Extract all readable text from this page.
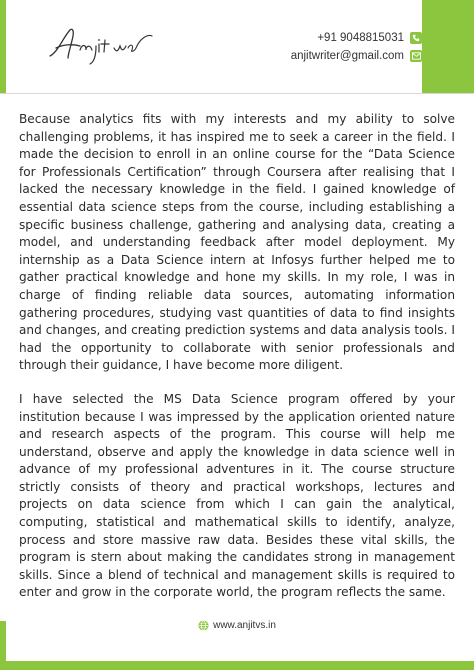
+91 9048815031
anjitwriter@gmail.com

Because analytics fits with my interests and my ability to solve challenging problems, it has inspired me to seek a career in the field. I made the decision to enroll in an online course for the “Data Science for Professionals Certification” through Coursera after realising that I lacked the necessary knowledge in the field. I gained knowledge of essential data science steps from the course, including establishing a specific business challenge, gathering and analysing data, creating a model, and understanding feedback after model deployment. My internship as a Data Science intern at Infosys further helped me to gather practical knowledge and hone my skills. In my role, I was in charge of finding reliable data sources, automating information gathering procedures, studying vast quantities of data to find insights and changes, and creating prediction systems and data analysis tools. I had the opportunity to collaborate with senior professionals and through their guidance, I have become more diligent.

I have selected the MS Data Science program offered by your institution because I was impressed by the application oriented nature and research aspects of the program. This course will help me understand, observe and apply the knowledge in data science well in advance of my professional adventures in it. The course structure strictly consists of theory and practical workshops, lectures and projects on data science from which I can gain the analytical, computing, statistical and mathematical skills to identify, analyze, process and store massive raw data. Besides these vital skills, the program is stern about making the candidates strong in management skills. Since a blend of technical and management skills is required to enter and grow in the corporate world, the program reflects the same.

www.anjitvs.in
